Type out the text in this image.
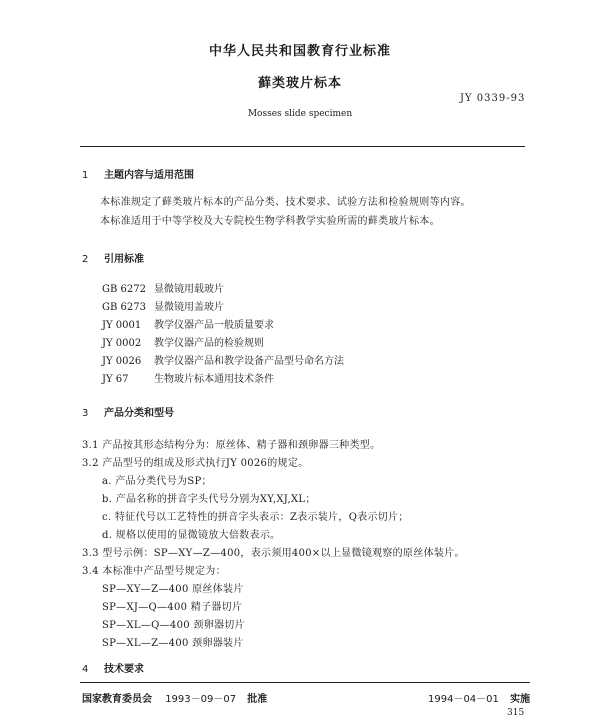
中华人民共和国教育行业标准
藓类玻片标本
JY 0339-93
Mosses slide specimen
1 主题内容与适用范围
本标准规定了藓类玻片标本的产品分类、技术要求、试验方法和检验规则等内容。
本标准适用于中等学校及大专院校生物学科教学实验所需的藓类玻片标本。
2 引用标准
GB 6272 显微镜用载玻片
GB 6273 显微镜用盖玻片
JY 0001 教学仪器产品一般质量要求
JY 0002 教学仪器产品的检验规则
JY 0026 教学仪器产品和教学设备产品型号命名方法
JY 67	生物玻片标本通用技术条件
3 产品分类和型号
3.1 产品按其形态结构分为：原丝体、精子器和颈卵器三种类型。
3.2 产品型号的组成及形式执行JY 0026的规定。
a. 产品分类代号为SP；
b. 产品名称的拼音字头代号分别为XY,XJ,XL；
c. 特征代号以工艺特性的拼音字头表示：Z表示装片，Q表示切片；
d. 规格以使用的显微镜放大倍数表示。
3.3 型号示例：SP—XY—Z—400，表示须用400×以上显微镜观察的原丝体装片。
3.4 本标准中产品型号规定为：
SP—XY—Z—400 原丝体装片
SP—XJ—Q—400 精子器切片
SP—XL—Q—400 颈卵器切片
SP—XL—Z—400 颈卵器装片
4 技术要求
国家教育委员会 1993－09－07 批准	1994－04－01 实施
315
